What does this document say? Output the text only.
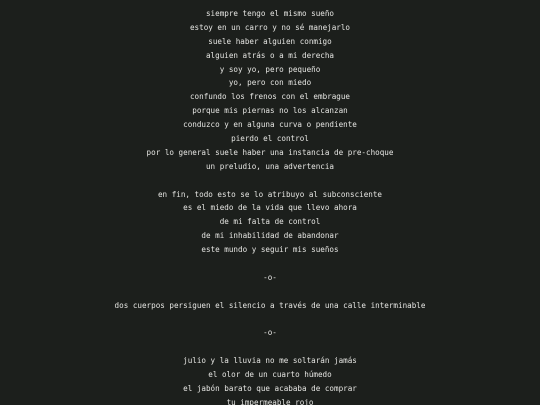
siempre tengo el mismo sueño
estoy en un carro y no sé manejarlo
suele haber alguien conmigo
alguien atrás o a mi derecha
y soy yo, pero pequeño
yo, pero con miedo
confundo los frenos con el embrague
porque mis piernas no los alcanzan
conduzco y en alguna curva o pendiente
pierdo el control
por lo general suele haber una instancia de pre-choque
un preludio, una advertencia
en fin, todo esto se lo atribuyo al subconsciente
es el miedo de la vida que llevo ahora
de mi falta de control
de mi inhabilidad de abandonar
este mundo y seguir mis sueños
-o-
dos cuerpos persiguen el silencio a través de una calle interminable
-o-
julio y la lluvia no me soltarán jamás
el olor de un cuarto húmedo
el jabón barato que acababa de comprar
tu impermeable rojo
